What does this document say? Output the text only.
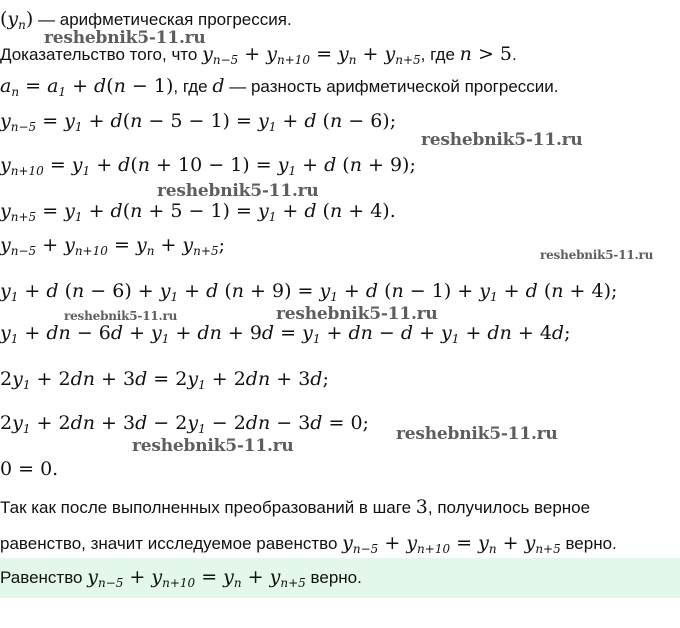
$(y_n)$ — арифметическая прогрессия.
Доказательство того, что $y_{n-5} + y_{n+10} = y_n + y_{n+5}$, где n > 5.
$a_n = a_1 + d(n - 1)$, где d — разность арифметической прогрессии.
$y_{n-5} = y_1 + d(n - 5 - 1) = y_1 + d$ (n − 6);
$y_{n+10} = y_1 + d(n + 10 - 1) = y_1 + d$ (n + 9);
$y_{n+5} = y_1 + d(n + 5 - 1) = y_1 + d$ (n + 4).
$y_{n-5} + y_{n+10} = y_n + y_{n+5}$;
$y_1 + d$ $(n - 6) + y_1 + d$ $(n + 9) = y_1 + d$ $(n - 1) + y_1 + d$ (n + 4);
$y_1$ + dn − $6d + y_1$ + dn + $9d = y_1$ + dn − $d + y_1$ + dn + 4d;
$2y_1 + 2dn + 3d = 2y_1 + 2dn + 3d$;
$2y_1 + 2dn + 3d - 2y_1 - 2dn - 3d = 0$;
0 = 0.
Так как после выполненных преобразований в шаге 3, получилось верное
равенство, значит исследуемое равенство $y_{n-5} + y_{n+10} = y_n + y_{n+5}$ верно.
Равенство $y_{n-5} + y_{n+10} = y_n + y_{n+5}$ верно.
reshebnik5-11.ru
reshebnik5-11.ru
reshebnik5-11.ru
reshebnik5-11.ru
reshebnik5-11.ru	reshebnik5-11.ru
reshebnik5-11.ru
reshebnik5-11.ru
